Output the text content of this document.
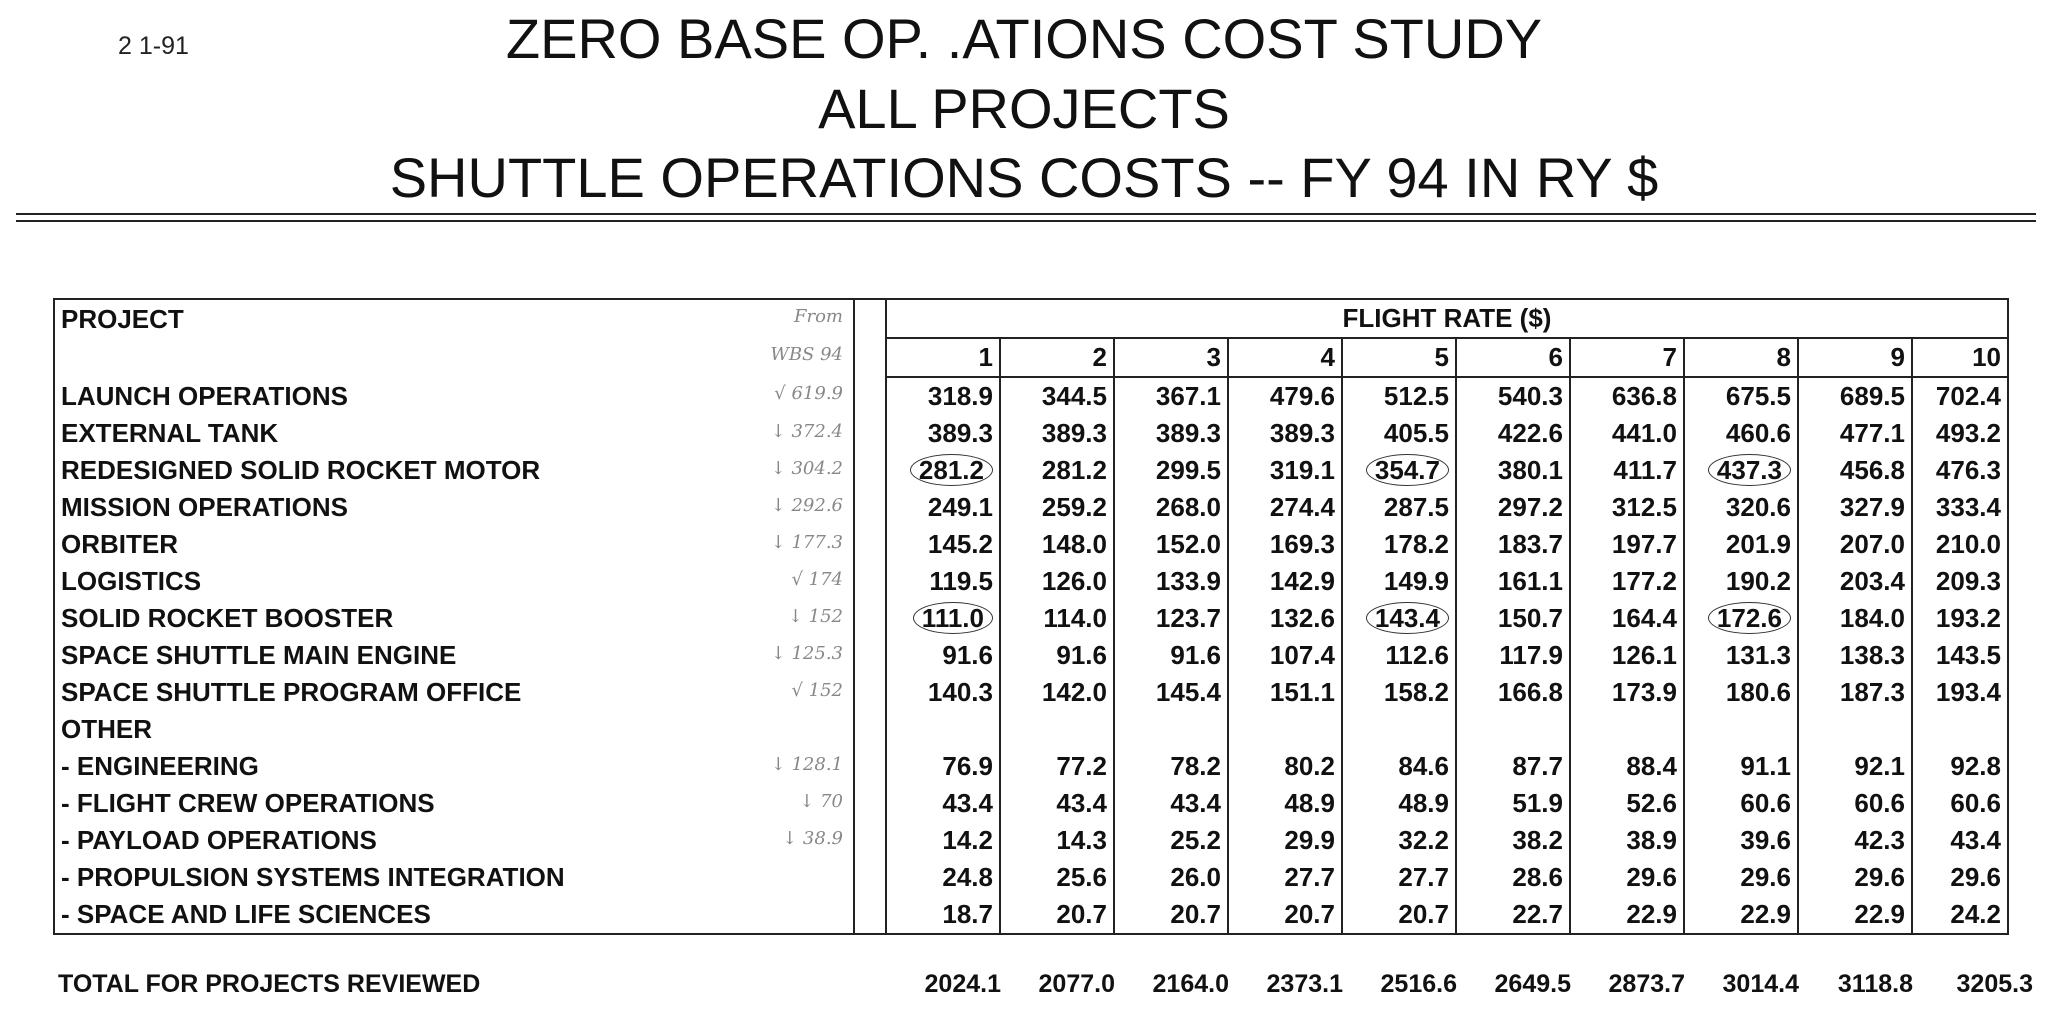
2 1-91	ZERO BASE OP. .ATIONS COST STUDY
ALL PROJECTS
SHUTTLE OPERATIONS COSTS -- FY 94 IN RY $
PROJECT From		FLIGHT RATE ($)									

WBS 94		1	2	3	4	5	6	7	8	9	10
LAUNCH OPERATIONS √ 619.9		318.9	344.5	367.1	479.6	512.5	540.3	636.8	675.5	689.5	702.4
EXTERNAL TANK ↓ 372.4		389.3	389.3	389.3	389.3	405.5	422.6	441.0	460.6	477.1	493.2
REDESIGNED SOLID ROCKET MOTOR ↓ 304.2		281.2	281.2	299.5	319.1	354.7	380.1	411.7	437.3	456.8	476.3
MISSION OPERATIONS ↓ 292.6		249.1	259.2	268.0	274.4	287.5	297.2	312.5	320.6	327.9	333.4
ORBITER ↓ 177.3		145.2	148.0	152.0	169.3	178.2	183.7	197.7	201.9	207.0	210.0
LOGISTICS √ 174		119.5	126.0	133.9	142.9	149.9	161.1	177.2	190.2	203.4	209.3
SOLID ROCKET BOOSTER ↓ 152		111.0	114.0	123.7	132.6	143.4	150.7	164.4	172.6	184.0	193.2
SPACE SHUTTLE MAIN ENGINE ↓ 125.3		91.6	91.6	91.6	107.4	112.6	117.9	126.1	131.3	138.3	143.5
SPACE SHUTTLE PROGRAM OFFICE √ 152		140.3	142.0	145.4	151.1	158.2	166.8	173.9	180.6	187.3	193.4
OTHER

- ENGINEERING ↓ 128.1		76.9	77.2	78.2	80.2	84.6	87.7	88.4	91.1	92.1	92.8
- FLIGHT CREW OPERATIONS ↓ 70		43.4	43.4	43.4	48.9	48.9	51.9	52.6	60.6	60.6	60.6
- PAYLOAD OPERATIONS ↓ 38.9		14.2	14.3	25.2	29.9	32.2	38.2	38.9	39.6	42.3	43.4
- PROPULSION SYSTEMS INTEGRATION		24.8	25.6	26.0	27.7	27.7	28.6	29.6	29.6	29.6	29.6
- SPACE AND LIFE SCIENCES		18.7	20.7	20.7	20.7	20.7	22.7	22.9	22.9	22.9	24.2
TOTAL FOR PROJECTS REVIEWED	2024.1	2077.0	2164.0	2373.1	2516.6	2649.5	2873.7	3014.4	3118.8	3205.3
